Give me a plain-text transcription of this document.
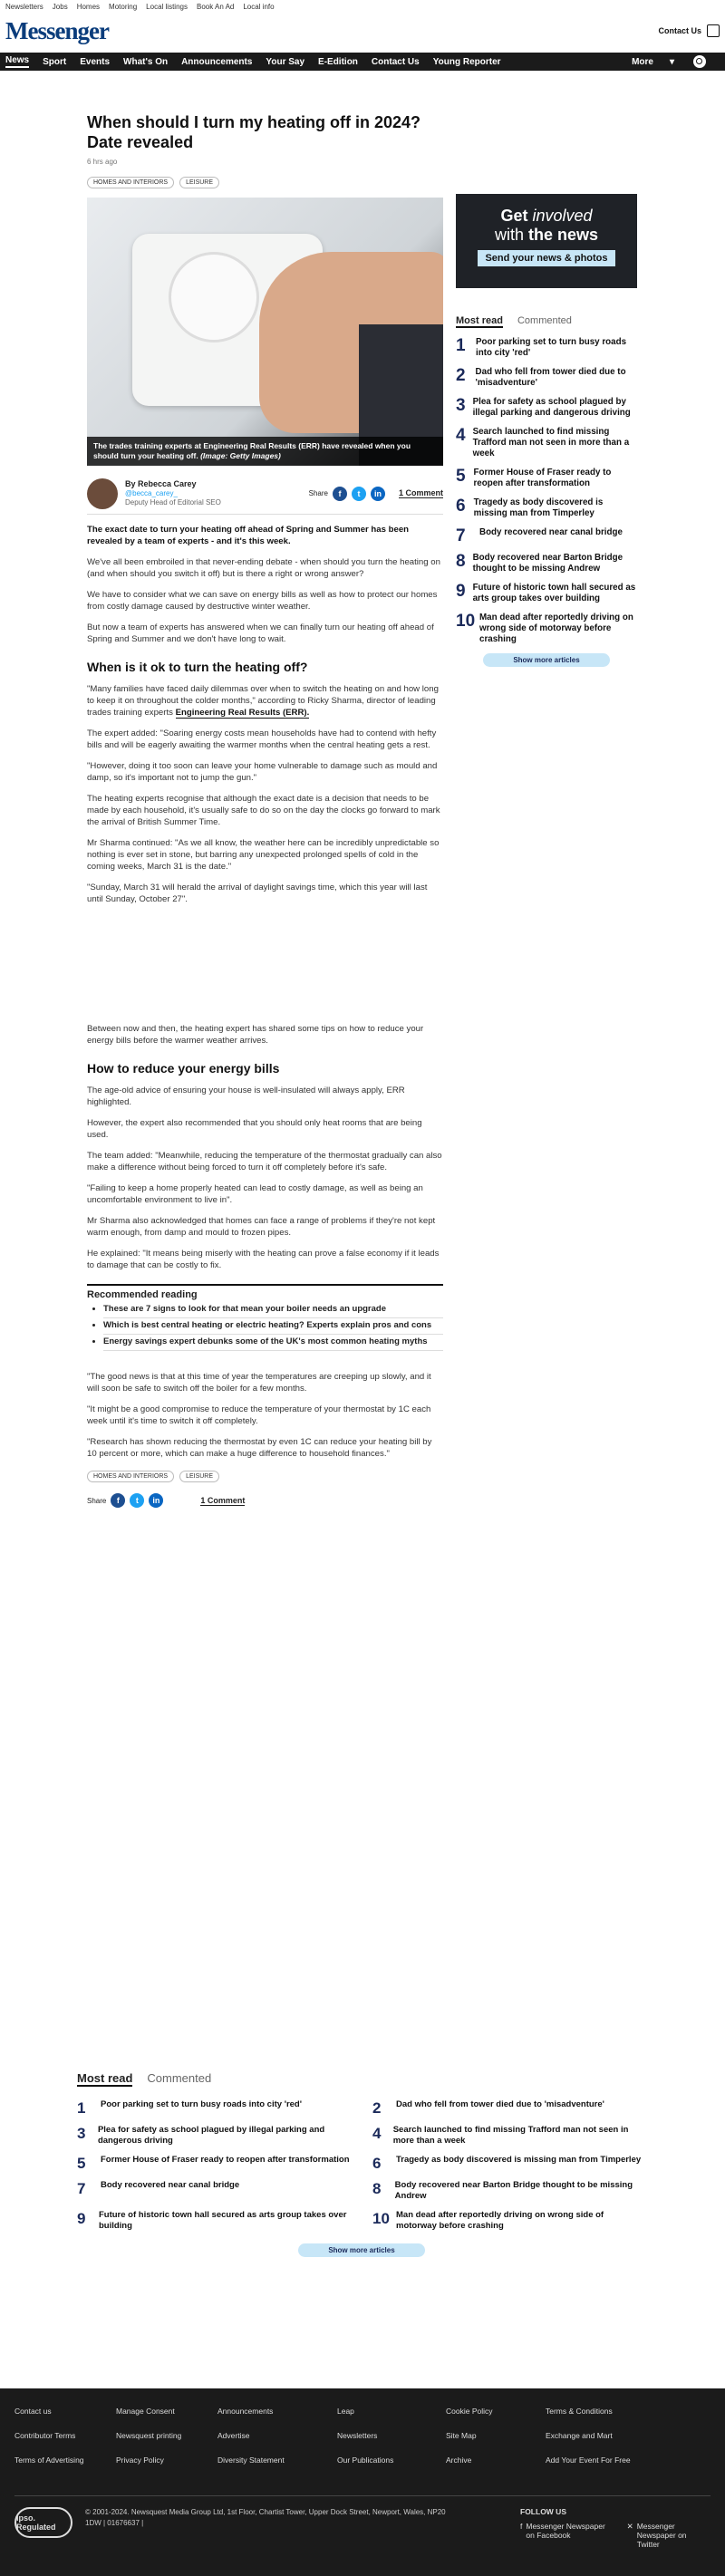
Newsletters Jobs Homes Motoring Local listings Book An Ad Local info
Messenger	Contact Us
News Sport Events What's On Announcements Your Say E-Edition Contact Us Young Reporter	More ▾
When should I turn my heating off in 2024? Date revealed
6 hrs ago
HOMES AND INTERIORS	LEISURE
The trades training experts at Engineering Real Results (ERR) have revealed when you should turn your heating off. (Image: Getty Images)
By Rebecca Carey
@becca_carey_
Deputy Head of Editorial SEO
Share	f	t	in	1 Comment

The exact date to turn your heating off ahead of Spring and Summer has been revealed by a team of experts - and it's this week.

We've all been embroiled in that never-ending debate - when should you turn the heating on (and when should you switch it off) but is there a right or wrong answer?

We have to consider what we can save on energy bills as well as how to protect our homes from costly damage caused by destructive winter weather.

But now a team of experts has answered when we can finally turn our heating off ahead of Spring and Summer and we don't have long to wait.

When is it ok to turn the heating off?

"Many families have faced daily dilemmas over when to switch the heating on and how long to keep it on throughout the colder months," according to Ricky Sharma, director of leading trades training experts Engineering Real Results (ERR).

The expert added: "Soaring energy costs mean households have had to contend with hefty bills and will be eagerly awaiting the warmer months when the central heating gets a rest.

"However, doing it too soon can leave your home vulnerable to damage such as mould and damp, so it's important not to jump the gun."

The heating experts recognise that although the exact date is a decision that needs to be made by each household, it's usually safe to do so on the day the clocks go forward to mark the arrival of British Summer Time.

Mr Sharma continued: "As we all know, the weather here can be incredibly unpredictable so nothing is ever set in stone, but barring any unexpected prolonged spells of cold in the coming weeks, March 31 is the date."

"Sunday, March 31 will herald the arrival of daylight savings time, which this year will last until Sunday, October 27".

Between now and then, the heating expert has shared some tips on how to reduce your energy bills before the warmer weather arrives.

How to reduce your energy bills

The age-old advice of ensuring your house is well-insulated will always apply, ERR highlighted.

However, the expert also recommended that you should only heat rooms that are being used.

The team added: "Meanwhile, reducing the temperature of the thermostat gradually can also make a difference without being forced to turn it off completely before it's safe.

"Failing to keep a home properly heated can lead to costly damage, as well as being an uncomfortable environment to live in".

Mr Sharma also acknowledged that homes can face a range of problems if they're not kept warm enough, from damp and mould to frozen pipes.

He explained: "It means being miserly with the heating can prove a false economy if it leads to damage that can be costly to fix.

Recommended reading
• These are 7 signs to look for that mean your boiler needs an upgrade
• Which is best central heating or electric heating? Experts explain pros and cons
• Energy savings expert debunks some of the UK's most common heating myths

"The good news is that at this time of year the temperatures are creeping up slowly, and it will soon be safe to switch off the boiler for a few months.

"It might be a good compromise to reduce the temperature of your thermostat by 1C each week until it's time to switch it off completely.

"Research has shown reducing the thermostat by even 1C can reduce your heating bill by 10 percent or more, which can make a huge difference to household finances."

HOMES AND INTERIORS	LEISURE
Share	f	t	in	1 Comment
Get involved
with the news
Send your news & photos
Most read Commented
1	Poor parking set to turn busy roads into city 'red'
2	Dad who fell from tower died due to 'misadventure'
3 Plea for safety as school plagued by illegal parking and dangerous driving
4 Search launched to find missing Trafford man not seen in more than a week
5 Former House of Fraser ready to reopen after transformation
6 Tragedy as body discovered is missing man from Timperley
7	Body recovered near canal bridge
8 Body recovered near Barton Bridge thought to be missing Andrew
9 Future of historic town hall secured as arts group takes over building
10 Man dead after reportedly driving on wrong side of motorway before crashing
Show more articles
Most read Commented
1	Poor parking set to turn busy roads into city 'red'	2	Dad who fell from tower died due to 'misadventure'
3	Plea for safety as school plagued by illegal parking and dangerous driving	4	Search launched to find missing Trafford man not seen in more than a week
5	Former House of Fraser ready to reopen after transformation 6	Tragedy as body discovered is missing man from Timperley
7	Body recovered near canal bridge	8	Body recovered near Barton Bridge thought to be missing Andrew
9	Future of historic town hall secured as arts group takes over building	10 Man dead after reportedly driving on wrong side of motorway before crashing
Show more articles
Contact us	Manage Consent	Announcements	Leap	Cookie Policy	Terms & Conditions
Contributor Terms	Newsquest printing	Advertise	Newsletters	Site Map	Exchange and Mart
Terms of Advertising	Privacy Policy	Diversity Statement	Our Publications	Archive	Add Your Event For Free
ipso. Regulated
© 2001-2024. Newsquest Media Group Ltd, 1st Floor, Chartist Tower, Upper Dock Street, Newport, Wales, NP20 1DW | 01676637 |
FOLLOW US
f Messenger Newspaper on Facebook
✕ Messenger Newspaper on Twitter
